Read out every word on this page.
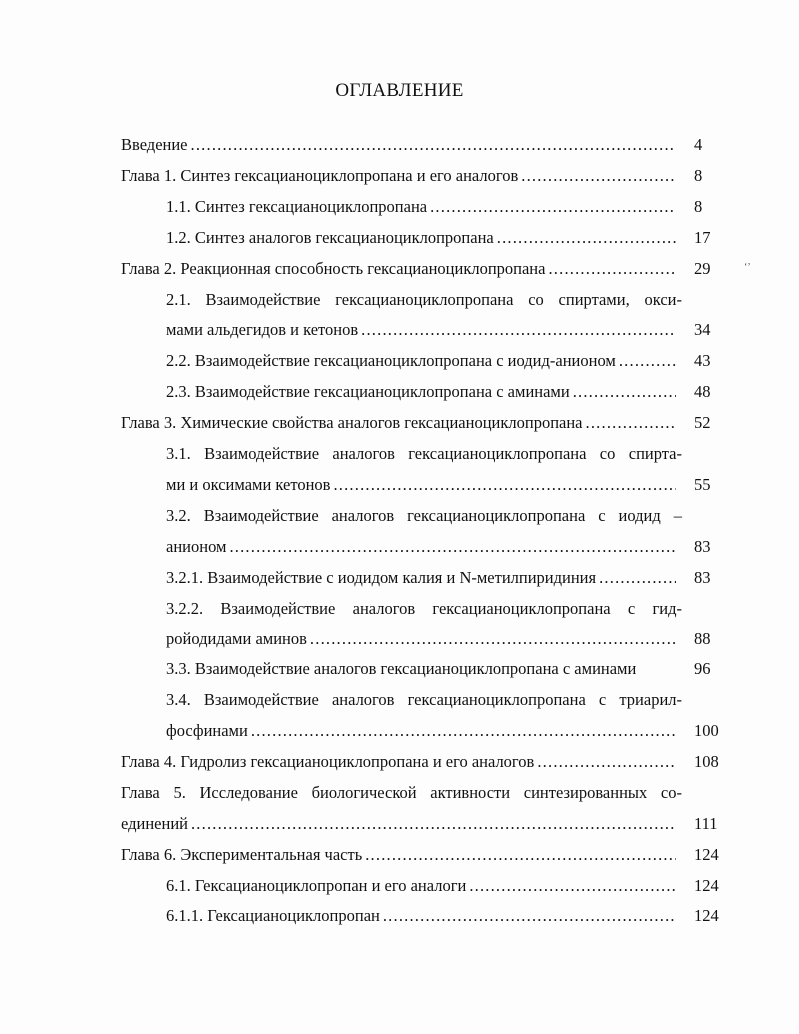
ОГЛАВЛЕНИЕ
Введение .....	4
Глава 1. Синтез гексацианоциклопропана и его аналогов .....	8
1.1. Синтез гексацианоциклопропана .....	8
1.2. Синтез аналогов гексацианоциклопропана .....	17
Глава 2. Реакционная способность гексацианоциклопропана .....	29
2.1. Взаимодействие гексацианоциклопропана со спиртами, окси-
мами альдегидов и кетонов .....	34
2.2. Взаимодействие гексацианоциклопропана с иодид-анионом .....	43
2.3. Взаимодействие гексацианоциклопропана с аминами .....	48
Глава 3. Химические свойства аналогов гексацианоциклопропана .....	52
3.1. Взаимодействие аналогов гексацианоциклопропана со спирта-
ми и оксимами кетонов .....	55
3.2. Взаимодействие аналогов гексацианоциклопропана с иодид –
анионом .....	83
3.2.1. Взаимодействие с иодидом калия и N-метилпиридиния .....	83
3.2.2. Взаимодействие аналогов гексацианоциклопропана с гид-
ройодидами аминов .....	88
3.3. Взаимодействие аналогов гексацианоциклопропана с аминами	96
3.4. Взаимодействие аналогов гексацианоциклопропана с триарил-
фосфинами .....	100
Глава 4. Гидролиз гексацианоциклопропана и его аналогов .....	108
Глава 5. Исследование биологической активности синтезированных со-
единений .....	111
Глава 6. Экспериментальная часть .....	124
6.1. Гексацианоциклопропан и его аналоги .....	124
6.1.1. Гексацианоциклопропан .....	124
‘’
